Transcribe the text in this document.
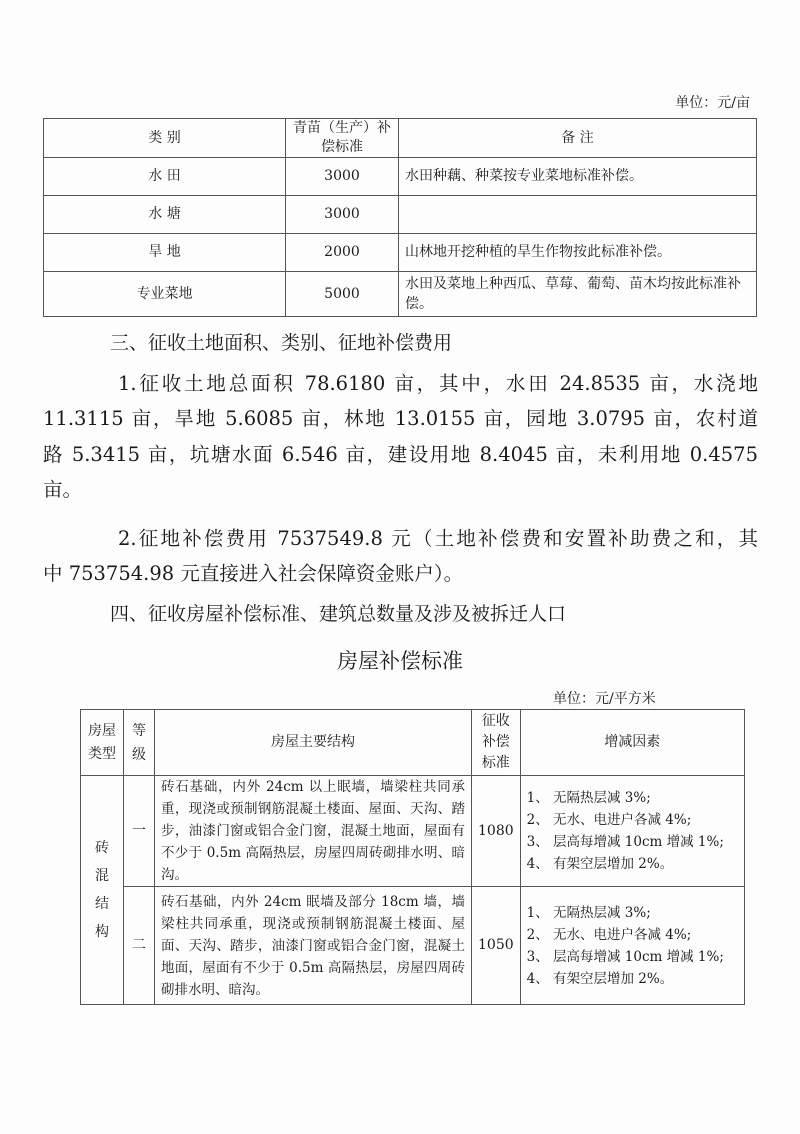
单位：元/亩
类 别	青苗（生产）补偿标准	备 注
水 田	3000	水田种藕、种菜按专业菜地标准补偿。
水 塘	3000	
旱 地	2000	山林地开挖种植的旱生作物按此标准补偿。
专业菜地	5000	水田及菜地上种西瓜、草莓、葡萄、苗木均按此标准补偿。
三、征收土地面积、类别、征地补偿费用
1.征收土地总面积 78.6180 亩，其中，水田 24.8535 亩，水浇地
11.3115 亩，旱地 5.6085 亩，林地 13.0155 亩，园地 3.0795 亩，农村道
路 5.3415 亩，坑塘水面 6.546 亩，建设用地 8.4045 亩，未利用地 0.4575
亩。
2.征地补偿费用 7537549.8 元（土地补偿费和安置补助费之和，其
中 753754.98 元直接进入社会保障资金账户）。
四、征收房屋补偿标准、建筑总数量及涉及被拆迁人口
房屋补偿标准
单位：元/平方米
房屋类型	等级	房屋主要结构	征收补偿标准	增减因素

砖混结构	一	砖石基础，内外 24cm 以上眠墙，墙梁柱共同承重，现浇或预制钢筋混凝土楼面、屋面、天沟、踏步，油漆门窗或铝合金门窗，混凝土地面，屋面有不少于 0.5m 高隔热层，房屋四周砖砌排水明、暗沟。	1080	1、 无隔热层减 3%;
2、 无水、电进户各减 4%;
3、 层高每增减 10cm 增减 1%;
4、 有架空层增加 2%。

	二	砖石基础，内外 24cm 眠墙及部分 18cm 墙，墙梁柱共同承重，现浇或预制钢筋混凝土楼面、屋面、天沟、踏步，油漆门窗或铝合金门窗，混凝土地面，屋面有不少于 0.5m 高隔热层，房屋四周砖砌排水明、暗沟。	1050	1、 无隔热层减 3%;
2、 无水、电进户各减 4%;
3、 层高每增减 10cm 增减 1%;
4、 有架空层增加 2%。
